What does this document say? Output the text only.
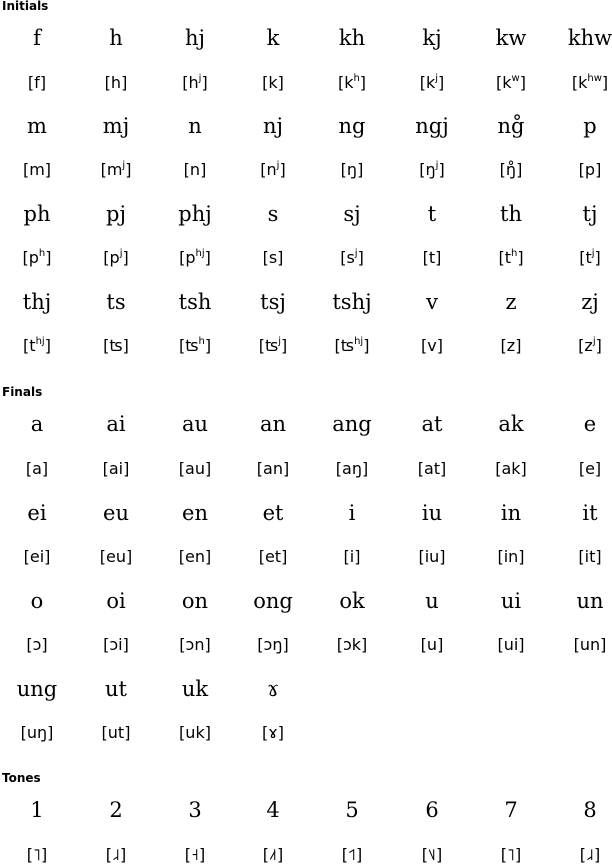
Initials
f	h	hj	k	kh	kj	kw	khw
[f]	[h]	$[h^j]$	[k]	$[k^h]$	$[k^j]$	$[k^w]$	$[k^{hw}]$
m	mj	n	nj	ng	ngj	ng̊	p
[m]	$[m^j]$	[n]	$[n^j]$	[ŋ]	$[ŋ^j]$	[ŋ̊]	[p]
ph	pj	phj	s	sj	t	th	tj
$[p^h]$	$[p^j]$	$[p^{hj}]$	[s]	$[s^j]$	[t]	$[t^h]$	$[t^j]$
thj	ts	tsh	tsj	tshj	v	z	zj
$[t^{hj}]$	[ʦ]	[ʦ$^h$]	[ʦ$^j$]	[ʦ$^{hj}$]	[v]	[z]	$[z^j]$
Finals
a	ai	au	an	ang	at	ak	e
[a]	[ai]	[au]	[an]	[aŋ]	[at]	[ak]	[e]
ei	eu	en	et	i	iu	in	it
[ei]	[eu]	[en]	[et]	[i]	[iu]	[in]	[it]
o	oi	on	ong	ok	u	ui	un
[ɔ]	[ɔi]	[ɔn]	[ɔŋ]	[ɔk]	[u]	[ui]	[un]
ung	ut	uk	ɤ
[uŋ]	[ut]	[uk]	[ɤ]
Tones
1	2	3	4	5	6	7	8
[˥]	[˩˨]	[˧]	[˩˦]	[˦˥]	[˥˩]	[˥]	[˩˨]
